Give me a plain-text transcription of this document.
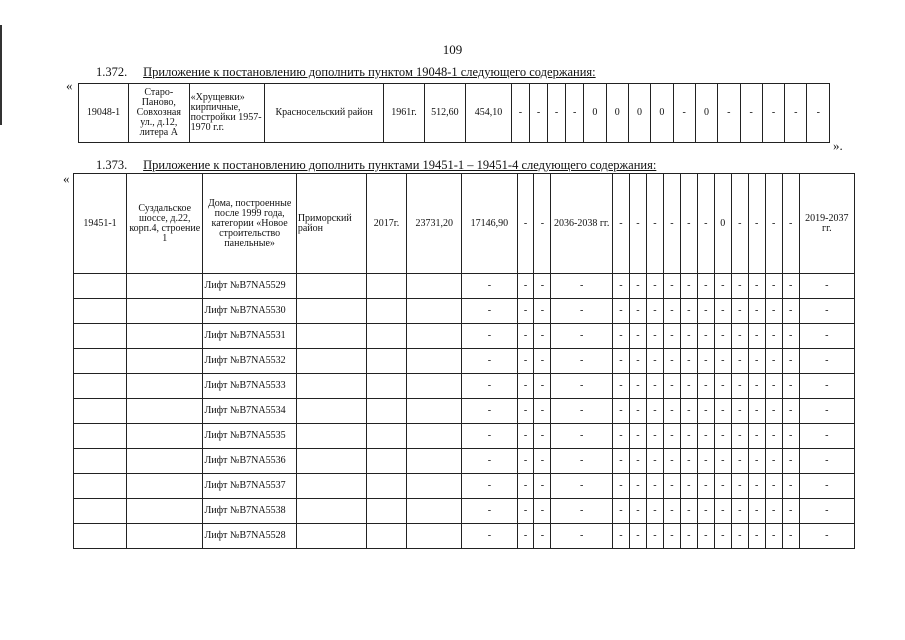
109
1.372. Приложение к постановлению дополнить пунктом 19048-1 следующего содержания:
«
19048-1	Старо-Паново, Совхозная ул., д.12, литера А	«Хрущевки» кирпичные, постройки 1957-1970 г.г.	Красносельский район	1961г.	512,60	454,10	-	-	-	-	0	0	0	0	-	0	-	-	-	-	-
».
1.373. Приложение к постановлению дополнить пунктами 19451-1 – 19451-4 следующего содержания:
«
19451-1	Суздальское шоссе, д.22, корп.4, строение 1	Дома, построенные после 1999 года, категории «Новое строительство панельные»	Приморский район	2017г.	23731,20	17146,90	-	-	2036-2038 гг.	-	-	-	-	-	-	0	-	-	-	-	2019-2037 гг.
		Лифт №B7NA5529				-	-	-	-	-	-	-	-	-	-	-	-	-	-	-	-
		Лифт №B7NA5530				-	-	-	-	-	-	-	-	-	-	-	-	-	-	-	-
		Лифт №B7NA5531				-	-	-	-	-	-	-	-	-	-	-	-	-	-	-	-
		Лифт №B7NA5532				-	-	-	-	-	-	-	-	-	-	-	-	-	-	-	-
		Лифт №B7NA5533				-	-	-	-	-	-	-	-	-	-	-	-	-	-	-	-
		Лифт №B7NA5534				-	-	-	-	-	-	-	-	-	-	-	-	-	-	-	-
		Лифт №B7NA5535				-	-	-	-	-	-	-	-	-	-	-	-	-	-	-	-
		Лифт №B7NA5536				-	-	-	-	-	-	-	-	-	-	-	-	-	-	-	-
		Лифт №B7NA5537				-	-	-	-	-	-	-	-	-	-	-	-	-	-	-	-
		Лифт №B7NA5538				-	-	-	-	-	-	-	-	-	-	-	-	-	-	-	-
		Лифт №B7NA5528				-	-	-	-	-	-	-	-	-	-	-	-	-	-	-	-
